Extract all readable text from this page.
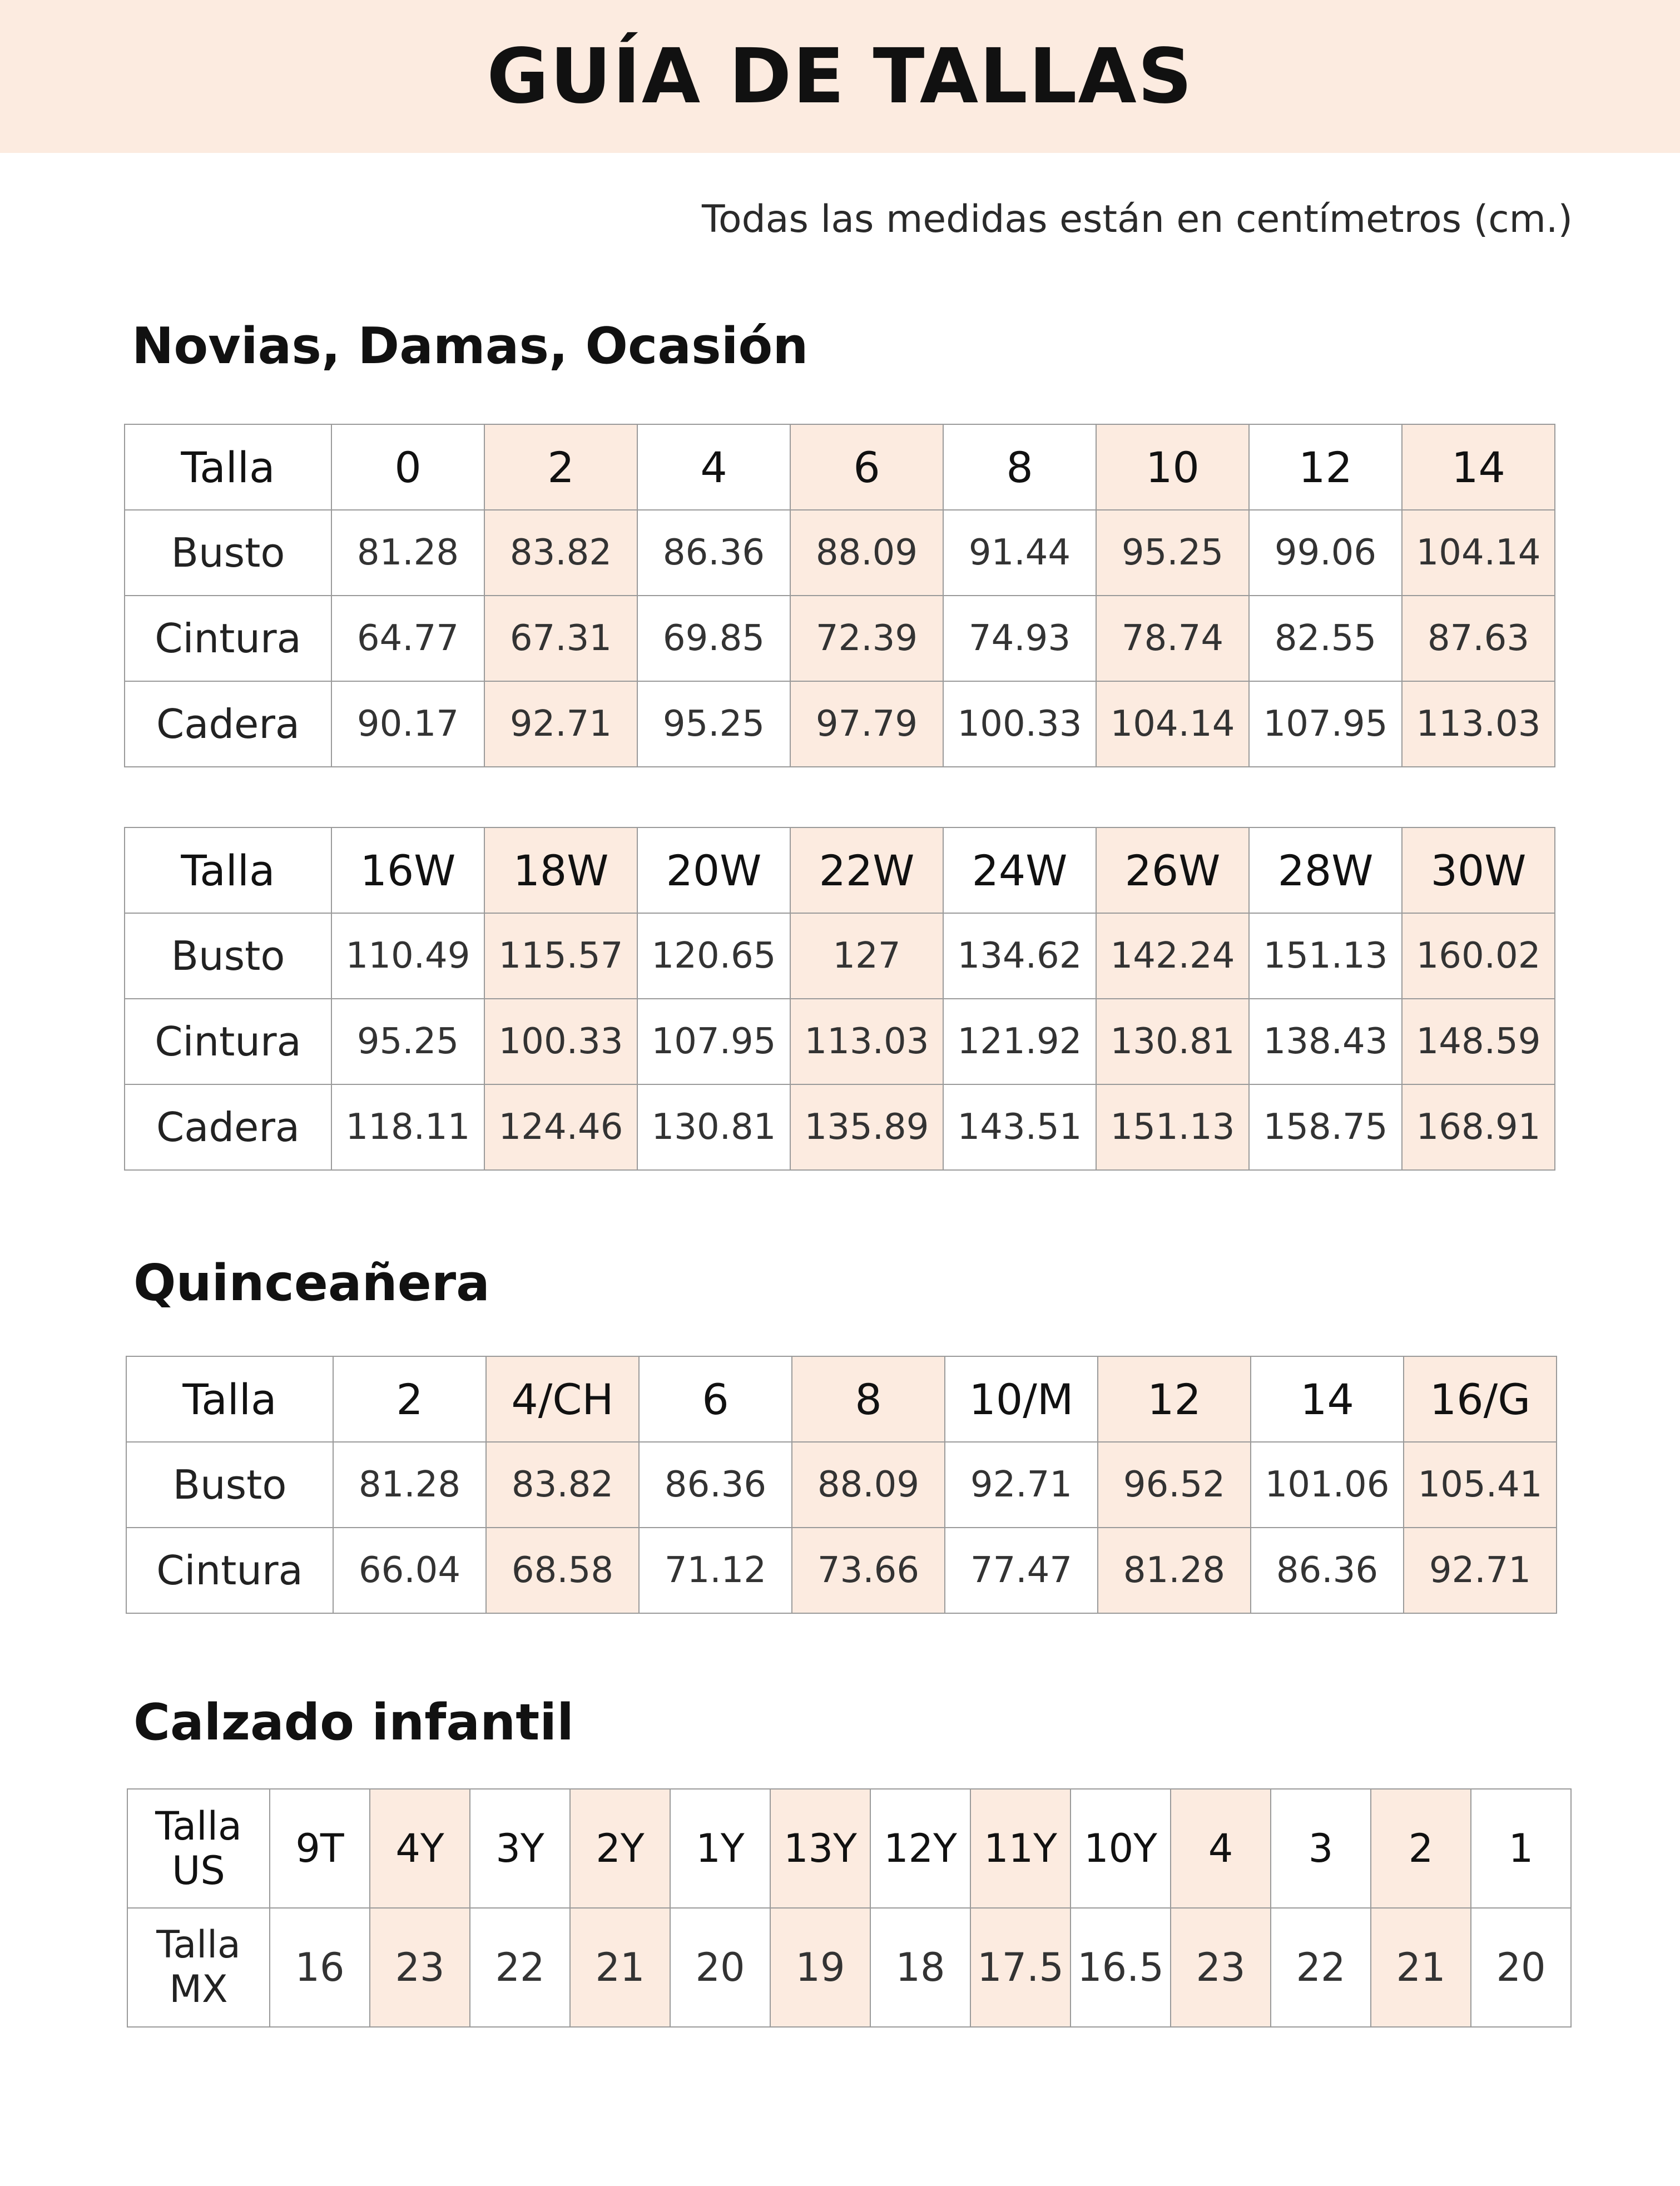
GUÍA DE TALLAS
Todas las medidas están en centímetros (cm.)
Novias, Damas, Ocasión
Talla	0	2	4	6	8	10	12	14
Busto	81.28	83.82	86.36	88.09	91.44	95.25	99.06	104.14
Cintura	64.77	67.31	69.85	72.39	74.93	78.74	82.55	87.63
Cadera	90.17	92.71	95.25	97.79	100.33	104.14	107.95	113.03
Talla	16W	18W	20W	22W	24W	26W	28W	30W
Busto	110.49	115.57	120.65	127	134.62	142.24	151.13	160.02
Cintura	95.25	100.33	107.95	113.03	121.92	130.81	138.43	148.59
Cadera	118.11	124.46	130.81	135.89	143.51	151.13	158.75	168.91
Quinceañera
Talla	2	4/CH	6	8	10/M	12	14	16/G
Busto	81.28	83.82	86.36	88.09	92.71	96.52	101.06	105.41
Cintura	66.04	68.58	71.12	73.66	77.47	81.28	86.36	92.71
Calzado infantil
Talla
US	9T	4Y	3Y	2Y	1Y	13Y	12Y	11Y	10Y	4	3	2	1

Talla
MX	16	23	22	21	20	19	18	17.5	16.5	23	22	21	20
